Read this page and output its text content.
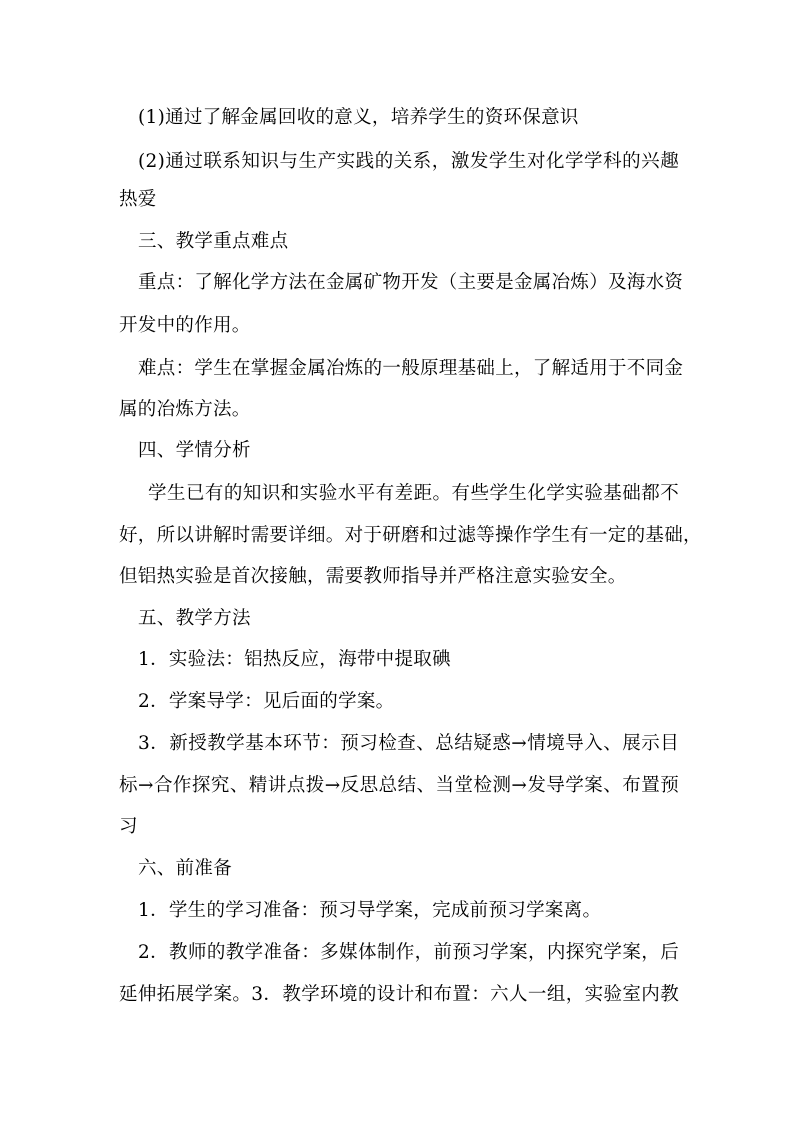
(1)通过了解金属回收的意义，培养学生的资环保意识
(2)通过联系知识与生产实践的关系，激发学生对化学学科的兴趣
热爱
三、教学重点难点
重点：了解化学方法在金属矿物开发（主要是金属冶炼）及海水资
开发中的作用。
难点：学生在掌握金属冶炼的一般原理基础上，了解适用于不同金
属的冶炼方法。
四、学情分析
学生已有的知识和实验水平有差距。有些学生化学实验基础都不
好，所以讲解时需要详细。对于研磨和过滤等操作学生有一定的基础，
但铝热实验是首次接触，需要教师指导并严格注意实验安全。
五、教学方法
1．实验法：铝热反应，海带中提取碘
2．学案导学：见后面的学案。
3．新授教学基本环节：预习检查、总结疑惑→情境导入、展示目
标→合作探究、精讲点拨→反思总结、当堂检测→发导学案、布置预
习
六、前准备
1．学生的学习准备：预习导学案，完成前预习学案离。
2．教师的教学准备：多媒体制作，前预习学案，内探究学案，后
延伸拓展学案。3．教学环境的设计和布置：六人一组，实验室内教
